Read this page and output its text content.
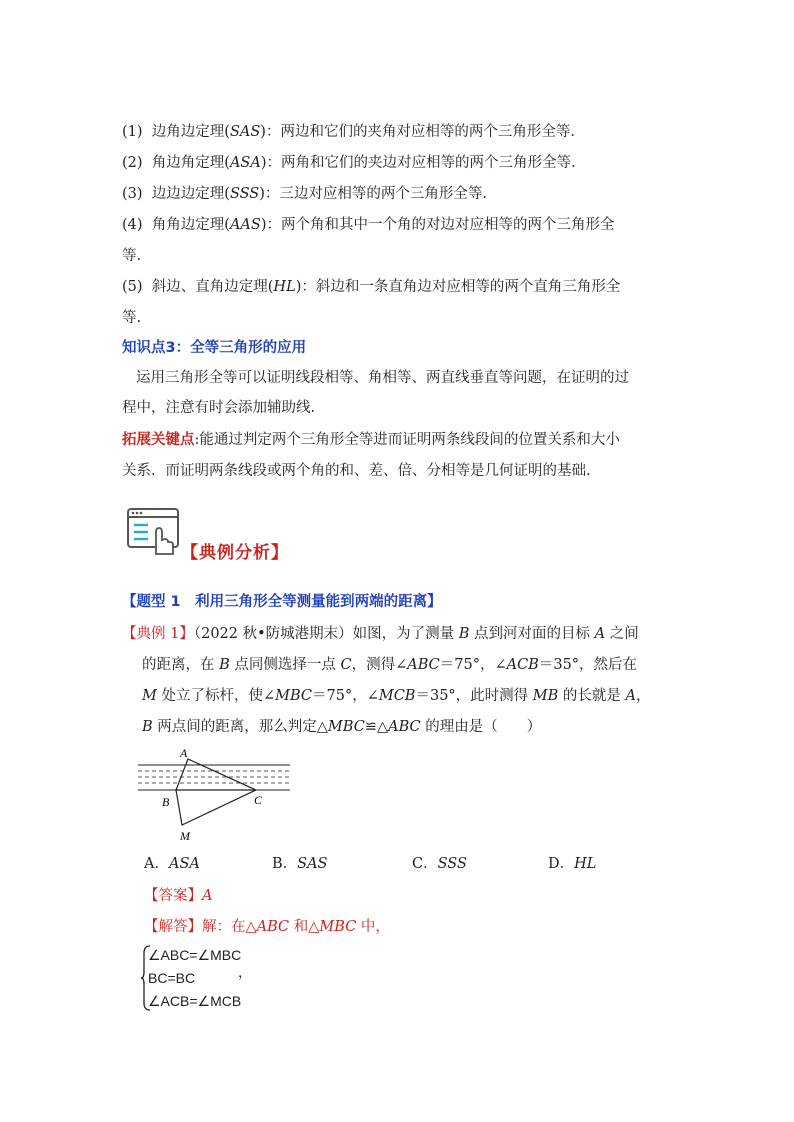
(1) 边角边定理(SAS)：两边和它们的夹角对应相等的两个三角形全等.
(2) 角边角定理(ASA)：两角和它们的夹边对应相等的两个三角形全等.
(3) 边边边定理(SSS)：三边对应相等的两个三角形全等.
(4) 角角边定理(AAS)：两个角和其中一个角的对边对应相等的两个三角形全
等.
(5) 斜边、直角边定理(HL)：斜边和一条直角边对应相等的两个直角三角形全
等.
知识点3：全等三角形的应用
运用三角形全等可以证明线段相等、角相等、两直线垂直等问题，在证明的过
程中，注意有时会添加辅助线.
拓展关键点:能通过判定两个三角形全等进而证明两条线段间的位置关系和大小
关系．而证明两条线段或两个角的和、差、倍、分相等是几何证明的基础.
【典例分析】
【题型 1　利用三角形全等测量能到两端的距离】
【典例 1】（2022 秋•防城港期末）如图，为了测量 B 点到河对面的目标 A 之间
的距离，在 B 点同侧选择一点 C，测得∠ABC＝75°，∠ACB＝35°，然后在
M 处立了标杆，使∠MBC＝75°，∠MCB＝35°，此时测得 MB 的长就是 A，
B 两点间的距离，那么判定△MBC≌△ABC 的理由是（　　）
A
B	C
M
A．ASA	B．SAS	C．SSS	D．HL
【答案】A
【解答】解：在△ABC 和△MBC 中，
∠ABC=∠MBC
BC=BC
∠ACB=∠MCB
，
